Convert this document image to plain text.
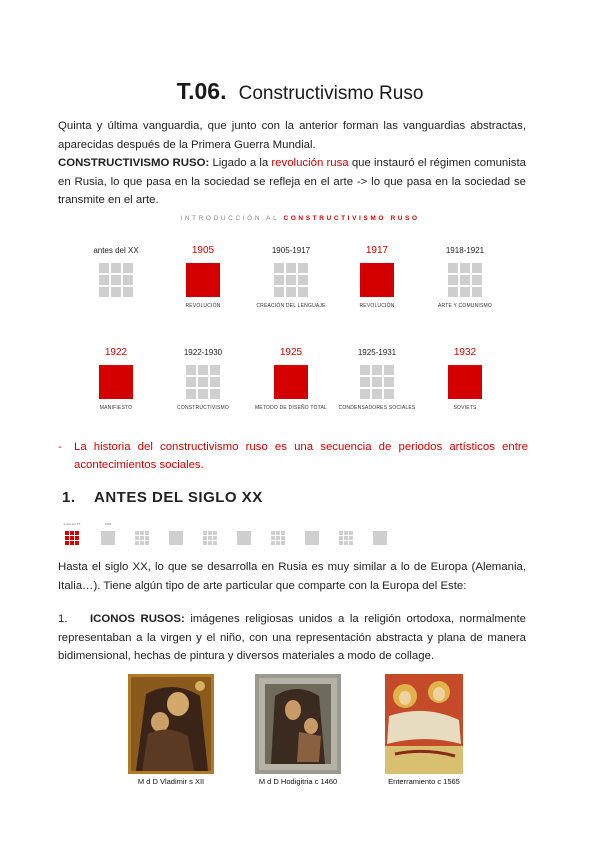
T.06. Constructivismo Ruso
Quinta y última vanguardia, que junto con la anterior forman las vanguardias abstractas, aparecidas después de la Primera Guerra Mundial.
CONSTRUCTIVISMO RUSO: Ligado a la revolución rusa que instauró el régimen comunista en Rusia, lo que pasa en la sociedad se refleja en el arte -> lo que pasa en la sociedad se transmite en el arte.
INTRODUCCIÓN AL CONSTRUCTIVISMO RUSO
antes del XX	1905
REVOLUCIÓN
1905-1917
CREACIÓN DEL LENGUAJE
1917
REVOLUCIÓN
1918-1921
ARTE Y COMUNISMO
1922
MANIFIESTO
1922-1930
CONSTRUCTIVISMO
1925
MÉTODO DE DISEÑO TOTAL
1925-1931
CONDENSADORES SOCIALES
1932
SOVIETS
-	La historia del constructivismo ruso es una secuencia de periodos artísticos entre acontecimientos sociales.
1. ANTES DEL SIGLO XX
antes del XX	1905
Hasta el siglo XX, lo que se desarrolla en Rusia es muy similar a lo de Europa (Alemania, Italia…). Tiene algún tipo de arte particular que comparte con la Europa del Este:
1. ICONOS RUSOS: imágenes religiosas unidos a la religión ortodoxa, normalmente representaban a la virgen y el niño, con una representación abstracta y plana de manera bidimensional, hechas de pintura y diversos materiales a modo de collage.
M d D Vladimir s XII	M d D Hodigitria c 1460	Enterramiento c 1565
